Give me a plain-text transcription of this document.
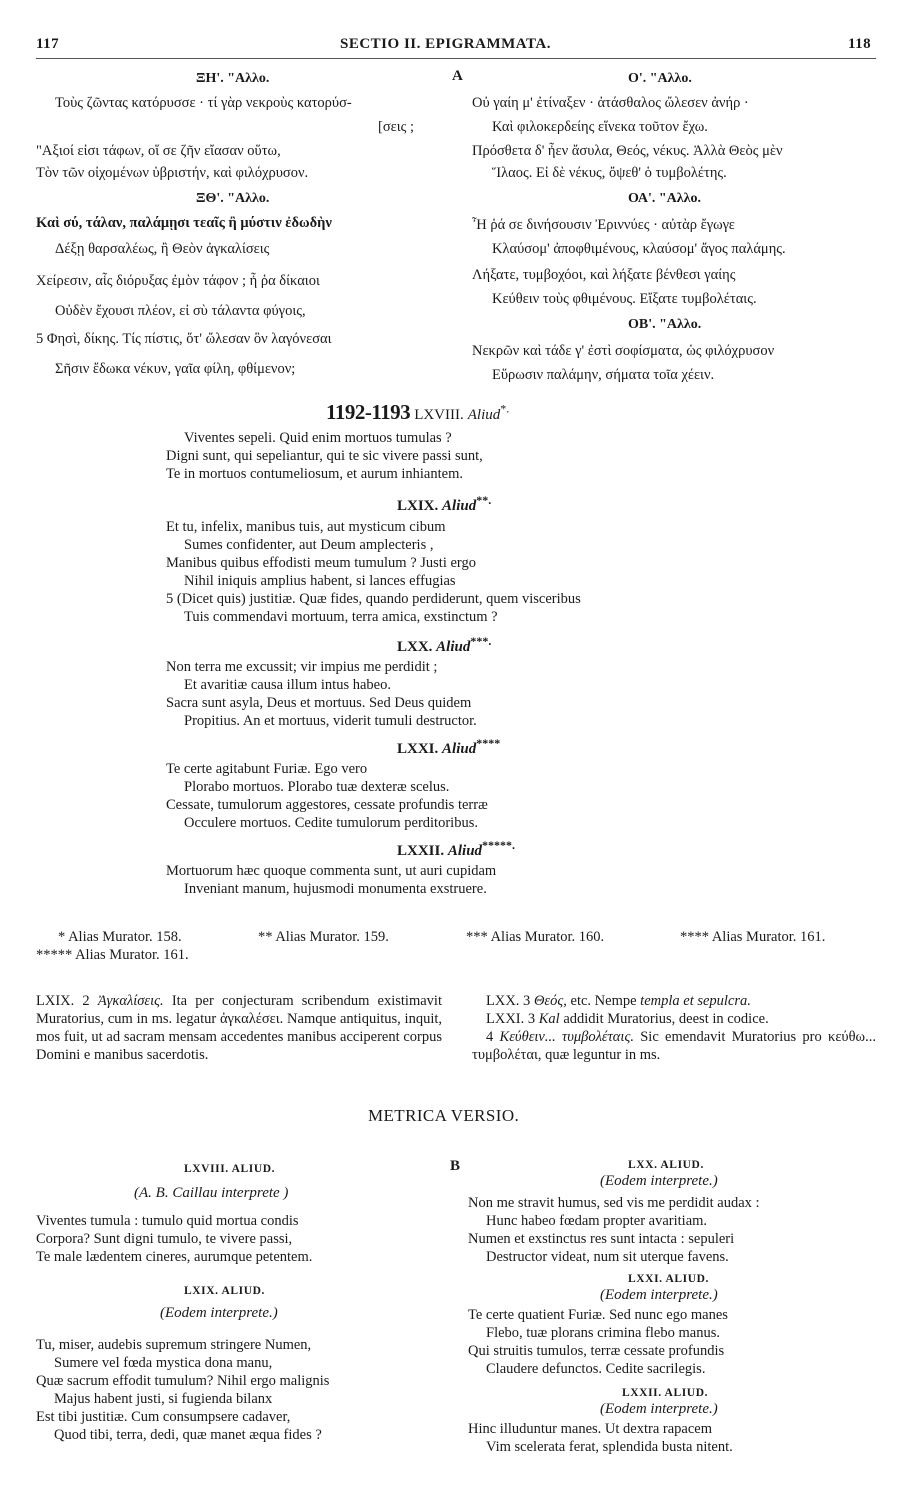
117	SECTIO II. EPIGRAMMATA.	118
A
ΞΗ'. "Αλλο.
Τοὺς ζῶντας κατόρυσσε · τί γὰρ νεκροὺς κατορύσ-
[σεις ;
"Αξιοί εἰσι τάφων, οἵ σε ζῆν εἴασαν οὕτω,
Τὸν τῶν οἰχομένων ὑβριστήν, καὶ φιλόχρυσον.
ΞΘ'. "Αλλο.
Καὶ σύ, τάλαν, παλάμῃσι τεαῖς ἢ μύστιν ἐδωδὴν
Δέξῃ θαρσαλέως, ἢ Θεὸν ἀγκαλίσεις
Χείρεσιν, αἷς διόρυξας ἐμὸν τάφον ; ἦ ῥα δίκαιοι
Οὐδὲν ἔχουσι πλέον, εἰ σὺ τάλαντα φύγοις,
5 Φησὶ, δίκης. Τίς πίστις, ὅτ' ὤλεσαν ὃν λαγόνεσαι
Σῆσιν ἔδωκα νέκυν, γαῖα φίλη, φθίμενον;
Ο'. "Αλλο.
Οὐ γαίη μ' ἐτίναξεν · ἀτάσθαλος ὤλεσεν ἀνήρ ·
Καὶ φιλοκερδείης εἵνεκα τοῦτον ἔχω.
Πρόσθετα δ' ἦεν ἄσυλα, Θεός, νέκυς. Ἀλλὰ Θεὸς μὲν
Ἵλαος. Εἰ δὲ νέκυς, ὄψεθ' ὁ τυμβολέτης.
ΟΑ'. "Αλλο.
Ἦ ῥά σε δινήσουσιν Ἐριννύες · αὐτὰρ ἔγωγε
Κλαύσομ' ἀποφθιμένους, κλαύσομ' ἄγος παλάμης.
Λήξατε, τυμβοχόοι, καὶ λήξατε βένθεσι γαίης
Κεύθειν τοὺς φθιμένους. Εἴξατε τυμβολέταις.
ΟΒ'. "Αλλο.
Νεκρῶν καὶ τάδε γ' ἐστὶ σοφίσματα, ὡς φιλόχρυσον
Εὕρωσιν παλάμην, σήματα τοῖα χέειν.
1192-1193 LXVIII. Aliud*.
Viventes sepeli. Quid enim mortuos tumulas ?
Digni sunt, qui sepeliantur, qui te sic vivere passi sunt,
Te in mortuos contumeliosum, et aurum inhiantem.
LXIX. Aliud**.
Et tu, infelix, manibus tuis, aut mysticum cibum
Sumes confidenter, aut Deum amplecteris ,
Manibus quibus effodisti meum tumulum ? Justi ergo
Nihil iniquis amplius habent, si lances effugias
5 (Dicet quis) justitiæ. Quæ fides, quando perdiderunt, quem visceribus
Tuis commendavi mortuum, terra amica, exstinctum ?
LXX. Aliud***.
Non terra me excussit; vir impius me perdidit ;
Et avaritiæ causa illum intus habeo.
Sacra sunt asyla, Deus et mortuus. Sed Deus quidem
Propitius. An et mortuus, viderit tumuli destructor.
LXXI. Aliud****
Te certe agitabunt Furiæ. Ego vero
Plorabo mortuos. Plorabo tuæ dexteræ scelus.
Cessate, tumulorum aggestores, cessate profundis terræ
Occulere mortuos. Cedite tumulorum perditoribus.
LXXII. Aliud*****.
Mortuorum hæc quoque commenta sunt, ut auri cupidam
Inveniant manum, hujusmodi monumenta exstruere.
* Alias Murator. 158.	** Alias Murator. 159.	*** Alias Murator. 160.	**** Alias Murator. 161.
***** Alias Murator. 161.
LXIX. 2 Ἀγκαλίσεις. Ita per conjecturam scribendum existimavit Muratorius, cum in ms. legatur ἀγκαλέσει. Namque antiquitus, inquit, mos fuit, ut ad sacram mensam accedentes manibus acciperent corpus Domini e manibus sacerdotis.
LXX. 3 Θεός, etc. Nempe templa et sepulcra.
LXXI. 3 Kal addidit Muratorius, deest in codice.
4 Κεύθειν... τυμβολέταις. Sic emendavit Muratorius pro κεύθω... τυμβολέται, quæ leguntur in ms.
METRICA VERSIO.
B
LXVIII. ALIUD.
(A. B. Caillau interprete )
Viventes tumula : tumulo quid mortua condis
Corpora? Sunt digni tumulo, te vivere passi,
Te male lædentem cineres, aurumque petentem.
LXIX. ALIUD.
(Eodem interprete.)
Tu, miser, audebis supremum stringere Numen,
Sumere vel fœda mystica dona manu,
Quæ sacrum effodit tumulum? Nihil ergo malignis
Majus habent justi, si fugienda bilanx
Est tibi justitiæ. Cum consumpsere cadaver,
Quod tibi, terra, dedi, quæ manet æqua fides ?
LXX. ALIUD.
(Eodem interprete.)
Non me stravit humus, sed vis me perdidit audax :
Hunc habeo fœdam propter avaritiam.
Numen et exstinctus res sunt intacta : sepuleri
Destructor videat, num sit uterque favens.
LXXI. ALIUD.
(Eodem interprete.)
Te certe quatient Furiæ. Sed nunc ego manes
Flebo, tuæ plorans crimina flebo manus.
Qui struitis tumulos, terræ cessate profundis
Claudere defunctos. Cedite sacrilegis.
LXXII. ALIUD.
(Eodem interprete.)
Hinc illuduntur manes. Ut dextra rapacem
Vim scelerata ferat, splendida busta nitent.
